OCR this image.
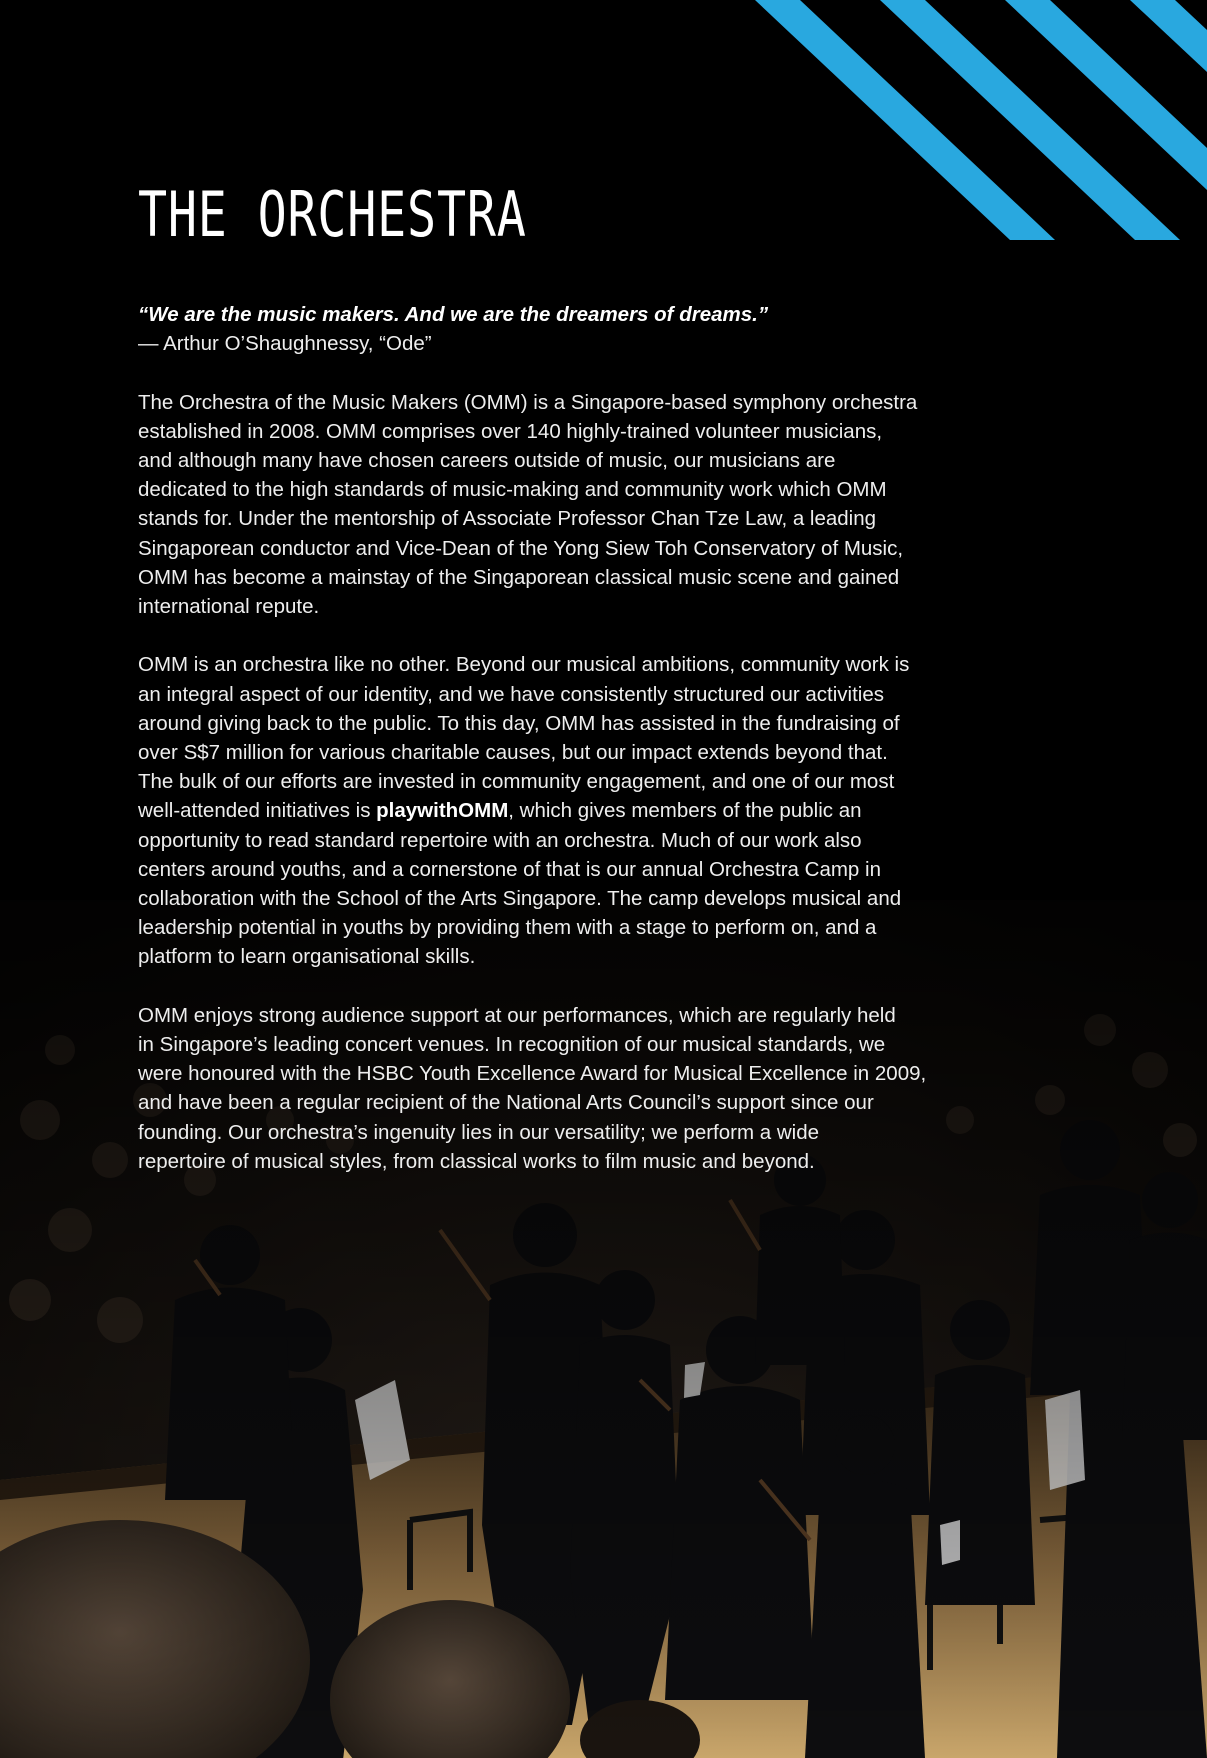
THE ORCHESTRA

“We are the music makers. And we are the dreamers of dreams.”

— Arthur O’Shaughnessy, “Ode”

The Orchestra of the Music Makers (OMM) is a Singapore-based symphony orchestra
established in 2008. OMM comprises over 140 highly-trained volunteer musicians,
and although many have chosen careers outside of music, our musicians are
dedicated to the high standards of music-making and community work which OMM
stands for. Under the mentorship of Associate Professor Chan Tze Law, a leading
Singaporean conductor and Vice-Dean of the Yong Siew Toh Conservatory of Music,
OMM has become a mainstay of the Singaporean classical music scene and gained
international repute.

OMM is an orchestra like no other. Beyond our musical ambitions, community work is
an integral aspect of our identity, and we have consistently structured our activities
around giving back to the public. To this day, OMM has assisted in the fundraising of
over S$7 million for various charitable causes, but our impact extends beyond that.
The bulk of our efforts are invested in community engagement, and one of our most
well-attended initiatives is playwithOMM, which gives members of the public an
opportunity to read standard repertoire with an orchestra. Much of our work also
centers around youths, and a cornerstone of that is our annual Orchestra Camp in
collaboration with the School of the Arts Singapore. The camp develops musical and
leadership potential in youths by providing them with a stage to perform on, and a
platform to learn organisational skills.

OMM enjoys strong audience support at our performances, which are regularly held
in Singapore’s leading concert venues. In recognition of our musical standards, we
were honoured with the HSBC Youth Excellence Award for Musical Excellence in 2009,
and have been a regular recipient of the National Arts Council’s support since our
founding. Our orchestra’s ingenuity lies in our versatility; we perform a wide
repertoire of musical styles, from classical works to film music and beyond.
